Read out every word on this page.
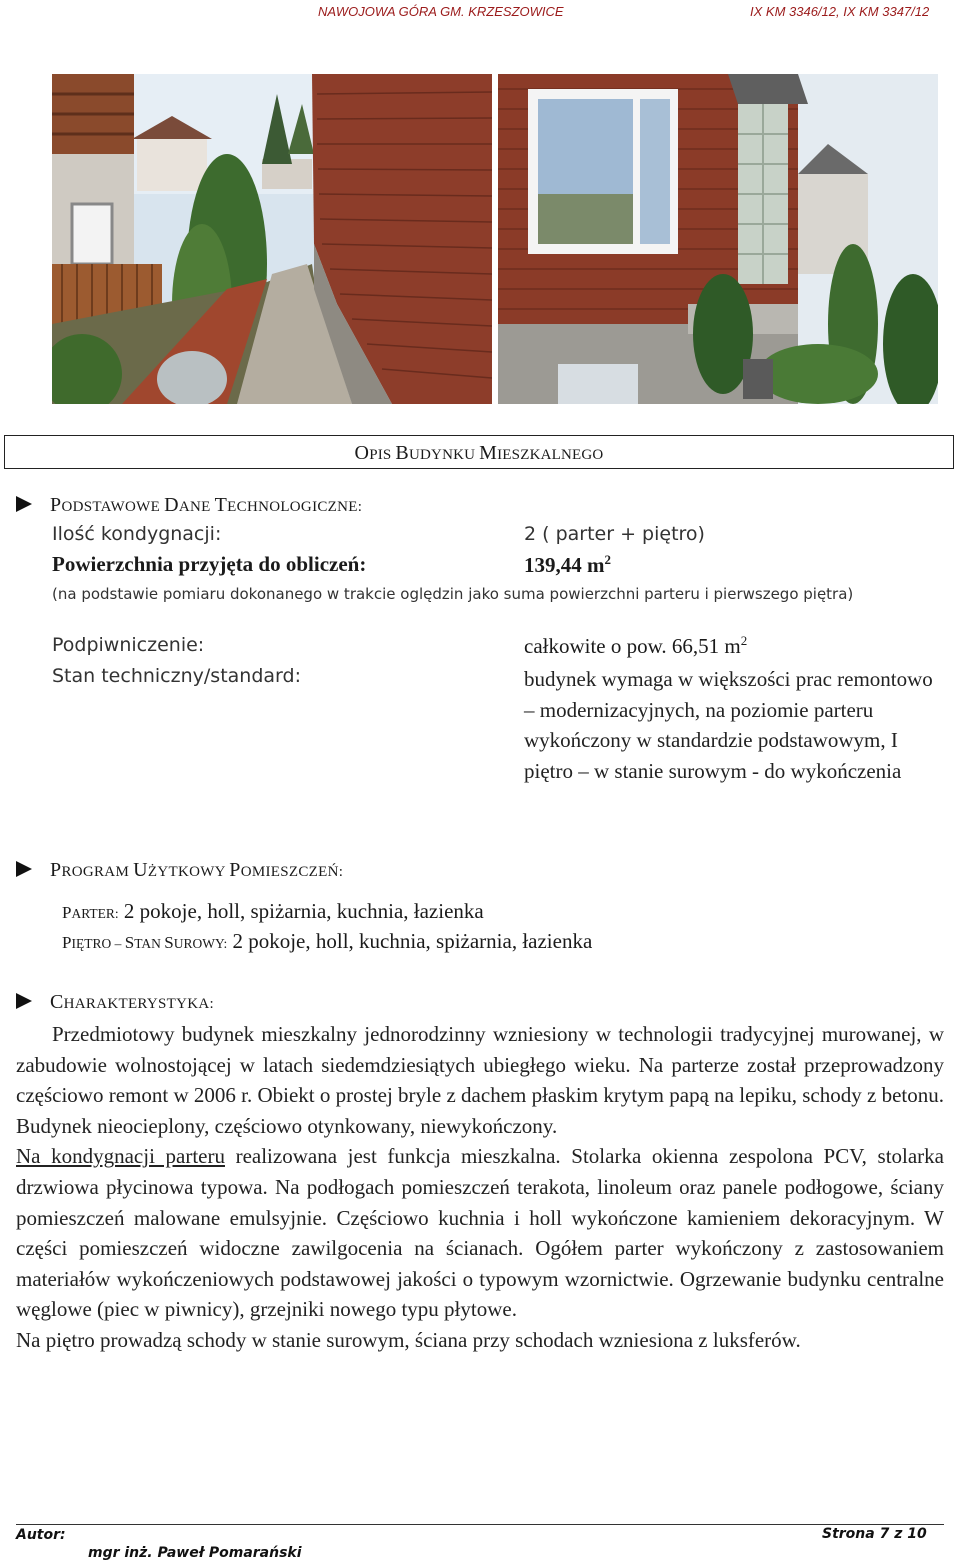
NAWOJOWA GÓRA GM. KRZESZOWICE	IX KM 3346/12, IX KM 3347/12
OPIS BUDYNKU MIESZKALNEGO
PODSTAWOWE DANE TECHNOLOGICZNE:
Ilość kondygnacji:	2 ( parter + piętro)
Powierzchnia przyjęta do obliczeń:	139,44 $m^2$
(na podstawie pomiaru dokonanego w trakcie oględzin jako suma powierzchni parteru i pierwszego piętra)
Podpiwniczenie:	całkowite o pow. 66,51 $m^2$
Stan techniczny/standard:	budynek wymaga w większości prac remontowo – modernizacyjnych, na poziomie parteru wykończony w standardzie podstawowym, I piętro – w stanie surowym - do wykończenia
PROGRAM UŻYTKOWY POMIESZCZEŃ:
PARTER: 2 pokoje, holl, spiżarnia, kuchnia, łazienka
PIĘTRO – STAN SUROWY: 2 pokoje, holl, kuchnia, spiżarnia, łazienka
CHARAKTERYSTYKA:

Przedmiotowy budynek mieszkalny jednorodzinny wzniesiony w technologii tradycyjnej murowanej, w zabudowie wolnostojącej w latach siedemdziesiątych ubiegłego wieku. Na parterze został przeprowadzony częściowo remont w 2006 r. Obiekt o prostej bryle z dachem płaskim krytym papą na lepiku, schody z betonu. Budynek nieocieplony, częściowo otynkowany, niewykończony.

Na kondygnacji parteru realizowana jest funkcja mieszkalna. Stolarka okienna zespolona PCV, stolarka drzwiowa płycinowa typowa. Na podłogach pomieszczeń terakota, linoleum oraz panele podłogowe, ściany pomieszczeń malowane emulsyjnie. Częściowo kuchnia i holl wykończone kamieniem dekoracyjnym. W części pomieszczeń widoczne zawilgocenia na ścianach. Ogółem parter wykończony z zastosowaniem materiałów wykończeniowych podstawowej jakości o typowym wzornictwie. Ogrzewanie budynku centralne węglowe (piec w piwnicy), grzejniki nowego typu płytowe.

Na piętro prowadzą schody w stanie surowym, ściana przy schodach wzniesiona z luksferów.

Autor:
mgr inż. Paweł Pomarański
Strona 7 z 10
